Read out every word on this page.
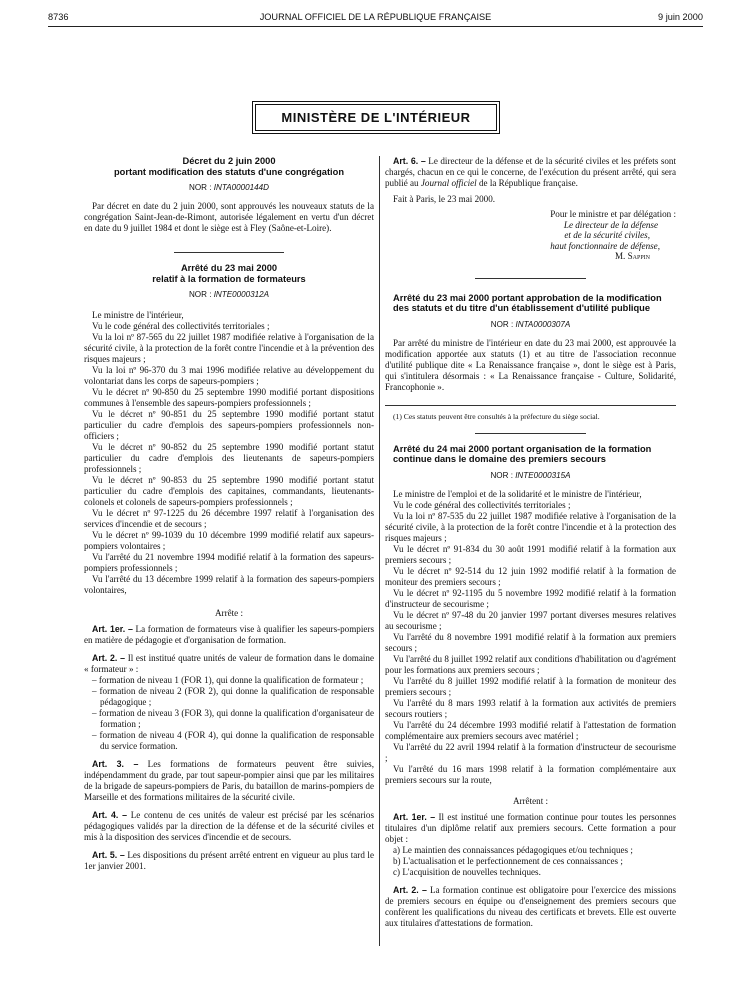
8736	JOURNAL OFFICIEL DE LA RÉPUBLIQUE FRANÇAISE	9 juin 2000
MINISTÈRE DE L'INTÉRIEUR
Décret du 2 juin 2000
portant modification des statuts d'une congrégation
NOR : INTA0000144D

Par décret en date du 2 juin 2000, sont approuvés les nouveaux statuts de la congrégation Saint-Jean-de-Rimont, autorisée légalement en vertu d'un décret en date du 9 juillet 1984 et dont le siège est à Fley (Saône-et-Loire).

Arrêté du 23 mai 2000
relatif à la formation de formateurs
NOR : INTE0000312A

Le ministre de l'intérieur,

Vu le code général des collectivités territoriales ;

Vu la loi nº 87-565 du 22 juillet 1987 modifiée relative à l'organisation de la sécurité civile, à la protection de la forêt contre l'incendie et à la prévention des risques majeurs ;

Vu la loi nº 96-370 du 3 mai 1996 modifiée relative au développement du volontariat dans les corps de sapeurs-pompiers ;

Vu le décret nº 90-850 du 25 septembre 1990 modifié portant dispositions communes à l'ensemble des sapeurs-pompiers professionnels ;

Vu le décret nº 90-851 du 25 septembre 1990 modifié portant statut particulier du cadre d'emplois des sapeurs-pompiers professionnels non-officiers ;

Vu le décret nº 90-852 du 25 septembre 1990 modifié portant statut particulier du cadre d'emplois des lieutenants de sapeurs-pompiers professionnels ;

Vu le décret nº 90-853 du 25 septembre 1990 modifié portant statut particulier du cadre d'emplois des capitaines, commandants, lieutenants-colonels et colonels de sapeurs-pompiers professionnels ;

Vu le décret nº 97-1225 du 26 décembre 1997 relatif à l'organisation des services d'incendie et de secours ;

Vu le décret nº 99-1039 du 10 décembre 1999 modifié relatif aux sapeurs-pompiers volontaires ;

Vu l'arrêté du 21 novembre 1994 modifié relatif à la formation des sapeurs-pompiers professionnels ;

Vu l'arrêté du 13 décembre 1999 relatif à la formation des sapeurs-pompiers volontaires,

Arrête :

Art. 1er. – La formation de formateurs vise à qualifier les sapeurs-pompiers en matière de pédagogie et d'organisation de formation.

Art. 2. – Il est institué quatre unités de valeur de formation dans le domaine « formateur » :

– formation de niveau 1 (FOR 1), qui donne la qualification de formateur ;
– formation de niveau 2 (FOR 2), qui donne la qualification de responsable pédagogique ;
– formation de niveau 3 (FOR 3), qui donne la qualification d'organisateur de formation ;
– formation de niveau 4 (FOR 4), qui donne la qualification de responsable du service formation.

Art. 3. – Les formations de formateurs peuvent être suivies, indépendamment du grade, par tout sapeur-pompier ainsi que par les militaires de la brigade de sapeurs-pompiers de Paris, du bataillon de marins-pompiers de Marseille et des formations militaires de la sécurité civile.

Art. 4. – Le contenu de ces unités de valeur est précisé par les scénarios pédagogiques validés par la direction de la défense et de la sécurité civiles et mis à la disposition des services d'incendie et de secours.

Art. 5. – Les dispositions du présent arrêté entrent en vigueur au plus tard le 1er janvier 2001.

Art. 6. – Le directeur de la défense et de la sécurité civiles et les préfets sont chargés, chacun en ce qui le concerne, de l'exécution du présent arrêté, qui sera publié au Journal officiel de la République française.

Fait à Paris, le 23 mai 2000.

Pour le ministre et par délégation :

Le directeur de la défense

et de la sécurité civiles,

haut fonctionnaire de défense,

M. Sappin

Arrêté du 23 mai 2000 portant approbation de la modification des statuts et du titre d'un établissement d'utilité publique
NOR : INTA0000307A

Par arrêté du ministre de l'intérieur en date du 23 mai 2000, est approuvée la modification apportée aux statuts (1) et au titre de l'association reconnue d'utilité publique dite « La Renaissance française », dont le siège est à Paris, qui s'intitulera désormais : « La Renaissance française - Culture, Solidarité, Francophonie ».

(1) Ces statuts peuvent être consultés à la préfecture du siège social.

Arrêté du 24 mai 2000 portant organisation de la formation continue dans le domaine des premiers secours
NOR : INTE0000315A

Le ministre de l'emploi et de la solidarité et le ministre de l'intérieur,

Vu le code général des collectivités territoriales ;

Vu la loi nº 87-535 du 22 juillet 1987 modifiée relative à l'organisation de la sécurité civile, à la protection de la forêt contre l'incendie et à la protection des risques majeurs ;

Vu le décret nº 91-834 du 30 août 1991 modifié relatif à la formation aux premiers secours ;

Vu le décret nº 92-514 du 12 juin 1992 modifié relatif à la formation de moniteur des premiers secours ;

Vu le décret nº 92-1195 du 5 novembre 1992 modifié relatif à la formation d'instructeur de secourisme ;

Vu le décret nº 97-48 du 20 janvier 1997 portant diverses mesures relatives au secourisme ;

Vu l'arrêté du 8 novembre 1991 modifié relatif à la formation aux premiers secours ;

Vu l'arrêté du 8 juillet 1992 relatif aux conditions d'habilitation ou d'agrément pour les formations aux premiers secours ;

Vu l'arrêté du 8 juillet 1992 modifié relatif à la formation de moniteur des premiers secours ;

Vu l'arrêté du 8 mars 1993 relatif à la formation aux activités de premiers secours routiers ;

Vu l'arrêté du 24 décembre 1993 modifié relatif à l'attestation de formation complémentaire aux premiers secours avec matériel ;

Vu l'arrêté du 22 avril 1994 relatif à la formation d'instructeur de secourisme ;

Vu l'arrêté du 16 mars 1998 relatif à la formation complémentaire aux premiers secours sur la route,

Arrêtent :

Art. 1er. – Il est institué une formation continue pour toutes les personnes titulaires d'un diplôme relatif aux premiers secours. Cette formation a pour objet :

a) Le maintien des connaissances pédagogiques et/ou techniques ;
b) L'actualisation et le perfectionnement de ces connaissances ;
c) L'acquisition de nouvelles techniques.

Art. 2. – La formation continue est obligatoire pour l'exercice des missions de premiers secours en équipe ou d'enseignement des premiers secours que confèrent les qualifications du niveau des certificats et brevets. Elle est ouverte aux titulaires d'attestations de formation.
